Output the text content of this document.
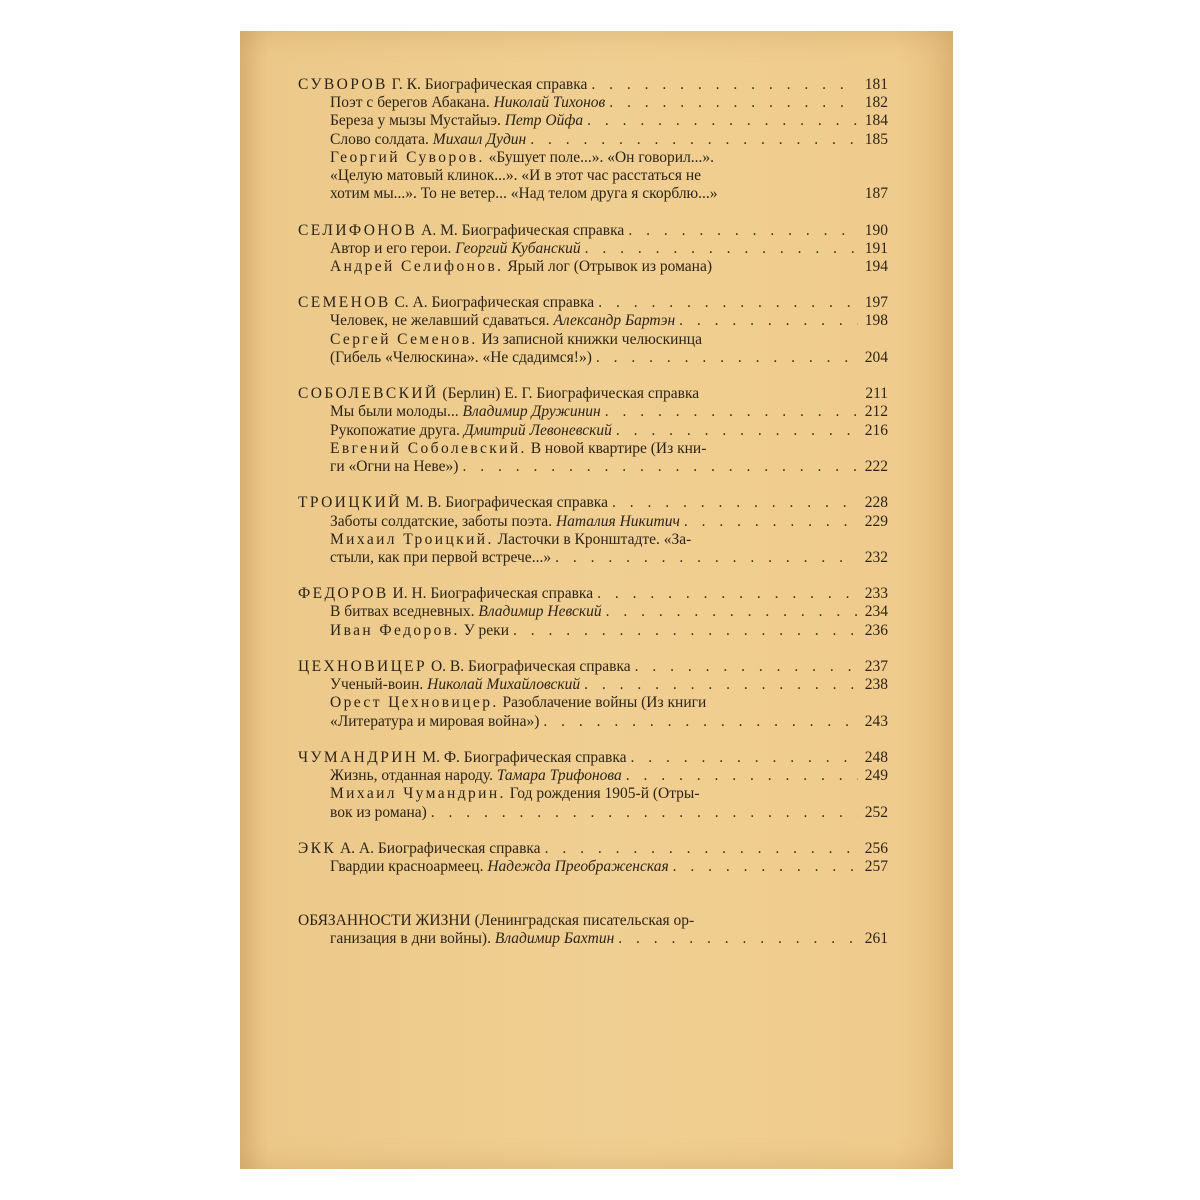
СУВОРОВ Г. К. Биографическая справка . . .	181
Поэт с берегов Абакана. Николай Тихонов . . .	182
Береза у мызы Мустайыэ. Петр Ойфа . . .	184
Слово солдата. Михаил Дудин . . .	185
Георгий Суворов. «Бушует поле...». «Он говорил...».
«Целую матовый клинок...». «И в этот час расстаться не
хотим мы...». То не ветер... «Над телом друга я скорблю...»	187
СЕЛИФОНОВ А. М. Биографическая справка . . .	190
Автор и его герои. Георгий Кубанский . . .	191
Андрей Селифонов. Ярый лог (Отрывок из романа)	194
СЕМЕНОВ С. А. Биографическая справка . . .	197
Человек, не желавший сдаваться. Александр Бартэн . . .	198
Сергей Семенов. Из записной книжки челюскинца
(Гибель «Челюскина». «Не сдадимся!») . . .	204
СОБОЛЕВСКИЙ (Берлин) Е. Г. Биографическая справка	211
Мы были молоды... Владимир Дружинин . . .	212
Рукопожатие друга. Дмитрий Левоневский . . .	216
Евгений Соболевский. В новой квартире (Из кни-
ги «Огни на Неве») . . .	222
ТРОИЦКИЙ М. В. Биографическая справка . . .	228
Заботы солдатские, заботы поэта. Наталия Никитич . . .	229
Михаил Троицкий. Ласточки в Кронштадте. «За-
стыли, как при первой встрече...» . . .	232
ФЕДОРОВ И. Н. Биографическая справка . . .	233
В битвах вседневных. Владимир Невский . . .	234
Иван Федоров. У реки . . .	236
ЦЕХНОВИЦЕР О. В. Биографическая справка . . .	237
Ученый-воин. Николай Михайловский . . .	238
Орест Цехновицер. Разоблачение войны (Из книги
«Литература и мировая война») . . .	243
ЧУМАНДРИН М. Ф. Биографическая справка . . .	248
Жизнь, отданная народу. Тамара Трифонова . . .	249
Михаил Чумандрин. Год рождения 1905-й (Отры-
вок из романа) . . .	252
ЭКК А. А. Биографическая справка . . .	256
Гвардии красноармеец. Надежда Преображенская . . .	257
ОБЯЗАННОСТИ ЖИЗНИ (Ленинградская писательская ор-
ганизация в дни войны). Владимир Бахтин . . .	261
